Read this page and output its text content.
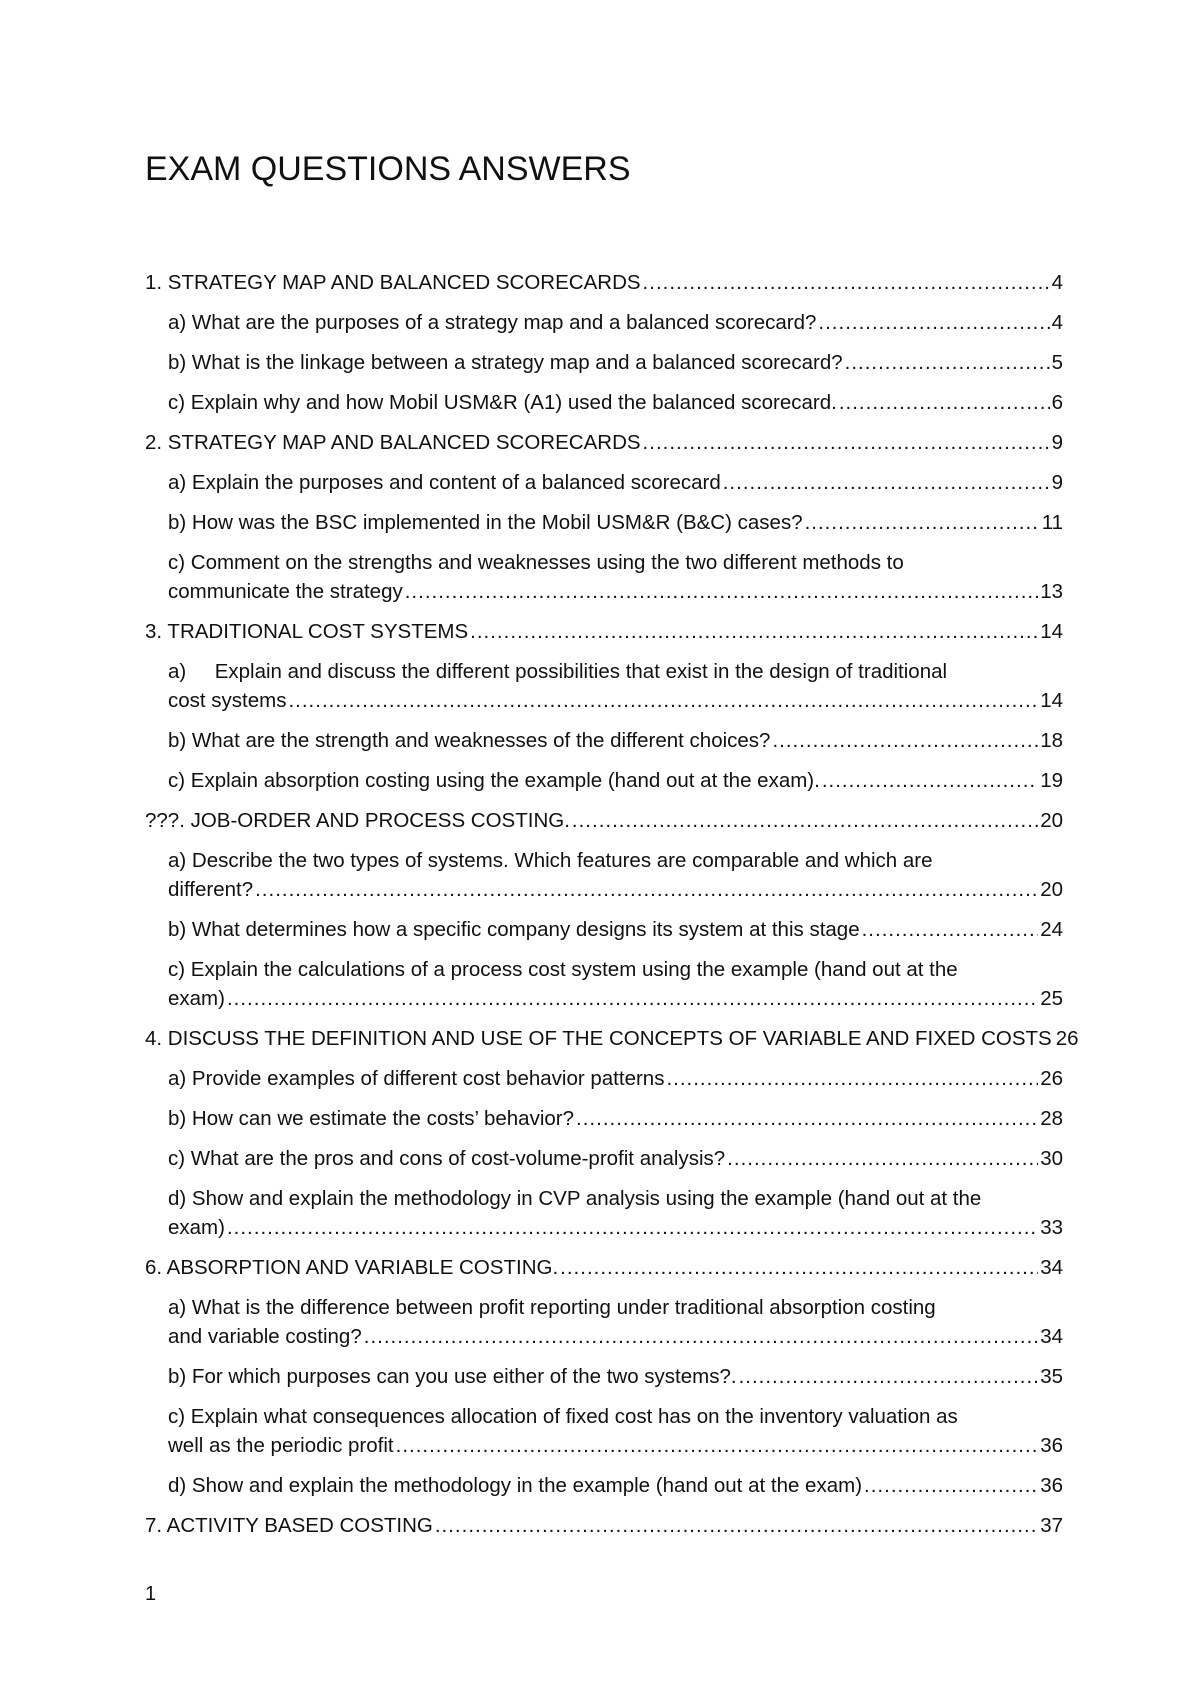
EXAM QUESTIONS ANSWERS
1. STRATEGY MAP AND BALANCED SCORECARDS .....	4
a) What are the purposes of a strategy map and a balanced scorecard? .....	4
b) What is the linkage between a strategy map and a balanced scorecard? .....	5
c) Explain why and how Mobil USM&R (A1) used the balanced scorecard. .....	6
2. STRATEGY MAP AND BALANCED SCORECARDS .....	9
a) Explain the purposes and content of a balanced scorecard .....	9
b) How was the BSC implemented in the Mobil USM&R (B&C) cases? .....	11
c) Comment on the strengths and weaknesses using the two different methods to
communicate the strategy .....	13
3. TRADITIONAL COST SYSTEMS .....	14
a)     Explain and discuss the different possibilities that exist in the design of traditional
cost systems .....	14
b) What are the strength and weaknesses of the different choices? .....	18
c) Explain absorption costing using the example (hand out at the exam). .....	19
???. JOB-ORDER AND PROCESS COSTING. .....	20
a) Describe the two types of systems. Which features are comparable and which are
different? .....	20
b) What determines how a specific company designs its system at this stage .....	24
c) Explain the calculations of a process cost system using the example (hand out at the
exam) .....	25
4. DISCUSS THE DEFINITION AND USE OF THE CONCEPTS OF VARIABLE AND FIXED COSTS 26
a) Provide examples of different cost behavior patterns .....	26
b) How can we estimate the costs’ behavior? .....	28
c) What are the pros and cons of cost-volume-profit analysis? .....	30
d) Show and explain the methodology in CVP analysis using the example (hand out at the
exam) .....	33
6. ABSORPTION AND VARIABLE COSTING. .....	34
a) What is the difference between profit reporting under traditional absorption costing
and variable costing? .....	34
b) For which purposes can you use either of the two systems?. .....	35
c) Explain what consequences allocation of fixed cost has on the inventory valuation as
well as the periodic profit .....	36
d) Show and explain the methodology in the example (hand out at the exam) .....	36
7. ACTIVITY BASED COSTING .....	37

1
